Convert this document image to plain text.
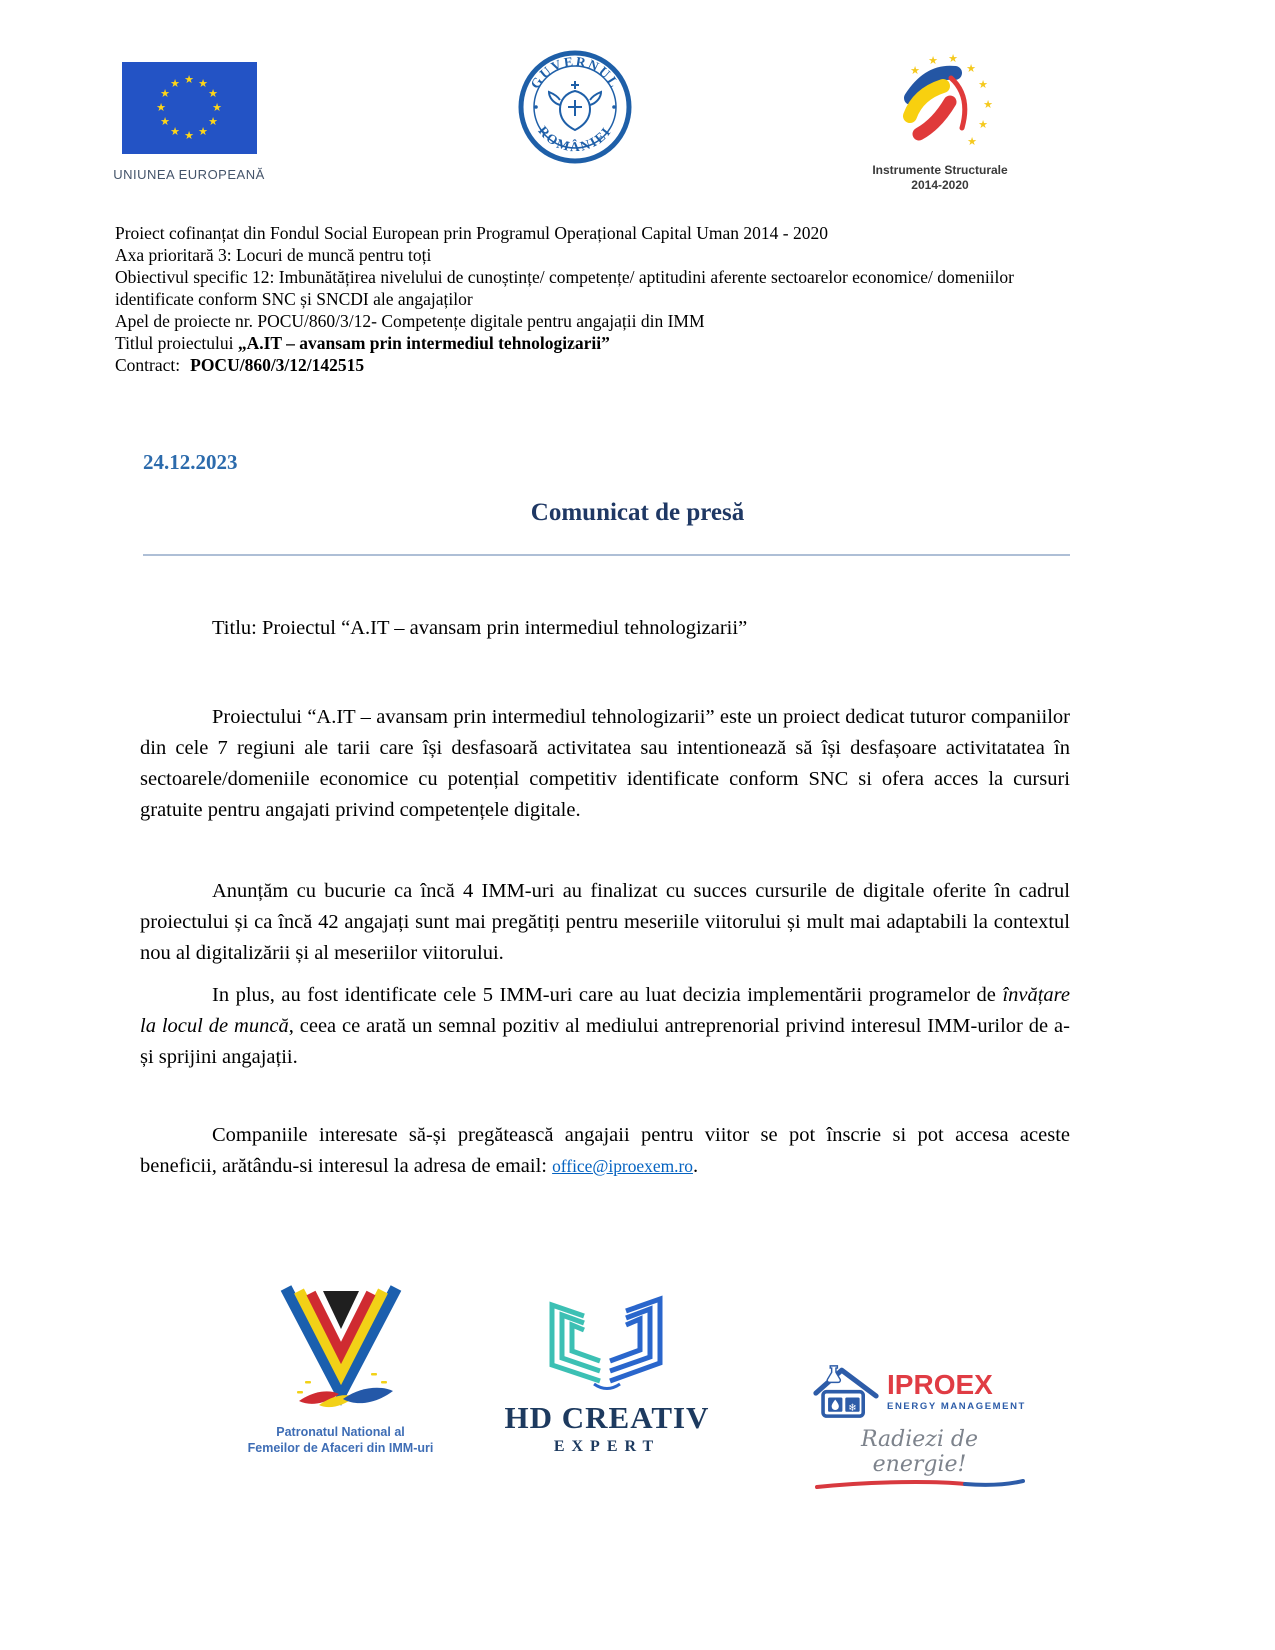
★ ★
★
★
★
★
★
★
★
★
★
★
UNIUNEA EUROPEANĂ
GUVERNUL
ROMÂNIEI
★
★ ★
★
★
★
★
★
Instrumente Structurale
2014-2020

Proiect cofinanțat din Fondul Social European prin Programul Operațional Capital Uman 2014 - 2020

Axa prioritară 3: Locuri de muncă pentru toți

Obiectivul specific 12: Imbunătățirea nivelului de cunoștințe/ competențe/ aptitudini aferente sectoarelor economice/ domeniilor identificate conform SNC și SNCDI ale angajaților

Apel de proiecte nr. POCU/860/3/12- Competențe digitale pentru angajații din IMM

Titlul proiectului „A.IT – avansam prin intermediul tehnologizarii”

Contract: POCU/860/3/12/142515

24.12.2023
Comunicat de presă

Titlu: Proiectul “A.IT – avansam prin intermediul tehnologizarii”

Proiectului “A.IT – avansam prin intermediul tehnologizarii” este un proiect dedicat tuturor companiilor din cele 7 regiuni ale tarii care își desfasoară activitatea sau intentionează să își desfașoare activitatatea în sectoarele/domeniile economice cu potențial competitiv identificate conform SNC si ofera acces la cursuri gratuite pentru angajati privind competențele digitale.

Anunțăm cu bucurie ca încă 4 IMM-uri au finalizat cu succes cursurile de digitale oferite în cadrul proiectului și ca încă 42 angajați sunt mai pregătiți pentru meseriile viitorului și mult mai adaptabili la contextul nou al digitalizării și al meseriilor viitorului.

In plus, au fost identificate cele 5 IMM-uri care au luat decizia implementării programelor de învățare la locul de muncă, ceea ce arată un semnal pozitiv al mediului antreprenorial privind interesul IMM-urilor de a-și sprijini angajații.

Companiile interesate să-și pregătească angajaii pentru viitor se pot înscrie si pot accesa aceste beneficii, arătându-si interesul la adresa de email: office@iproexem.ro.

Patronatul National al
Femeilor de Afaceri din IMM-uri
HD CREATIV
EXPERT
❄
IPROEX
ENERGY MANAGEMENT
Radiezi de energie!
